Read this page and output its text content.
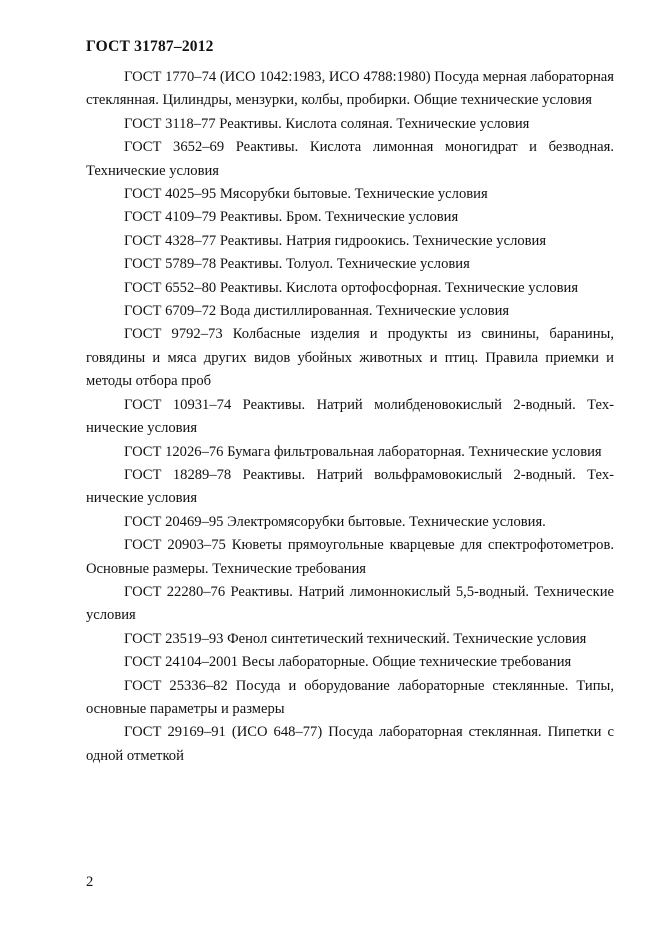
ГОСТ 31787–2012

ГОСТ 1770–74 (ИСО 1042:1983, ИСО 4788:1980) Посуда мерная лабораторная стеклянная. Цилиндры, мензурки, колбы, пробирки. Общие технические условия

ГОСТ 3118–77 Реактивы. Кислота соляная. Технические условия

ГОСТ 3652–69 Реактивы. Кислота лимонная моногидрат и безводная. Технические условия

ГОСТ 4025–95 Мясорубки бытовые. Технические условия

ГОСТ 4109–79 Реактивы. Бром. Технические условия

ГОСТ 4328–77 Реактивы. Натрия гидроокись. Технические условия

ГОСТ 5789–78 Реактивы. Толуол. Технические условия

ГОСТ 6552–80 Реактивы. Кислота ортофосфорная. Технические условия

ГОСТ 6709–72 Вода дистиллированная. Технические условия

ГОСТ 9792–73 Колбасные изделия и продукты из свинины, баранины, говядины и мяса других видов убойных животных и птиц. Правила приемки и методы отбора проб

ГОСТ 10931–74 Реактивы. Натрий молибденовокислый 2-водный. Технические условия

ГОСТ 12026–76 Бумага фильтровальная лабораторная. Технические условия

ГОСТ 18289–78 Реактивы. Натрий вольфрамовокислый 2-водный. Технические условия

ГОСТ 20469–95 Электромясорубки бытовые. Технические условия.

ГОСТ 20903–75 Кюветы прямоугольные кварцевые для спектрофотометров. Основные размеры. Технические требования

ГОСТ 22280–76 Реактивы. Натрий лимоннокислый 5,5-водный. Технические условия

ГОСТ 23519–93 Фенол синтетический технический. Технические условия

ГОСТ 24104–2001 Весы лабораторные. Общие технические требования

ГОСТ 25336–82 Посуда и оборудование лабораторные стеклянные. Типы, основные параметры и размеры

ГОСТ 29169–91 (ИСО 648–77) Посуда лабораторная стеклянная. Пипетки с одной отметкой

2
